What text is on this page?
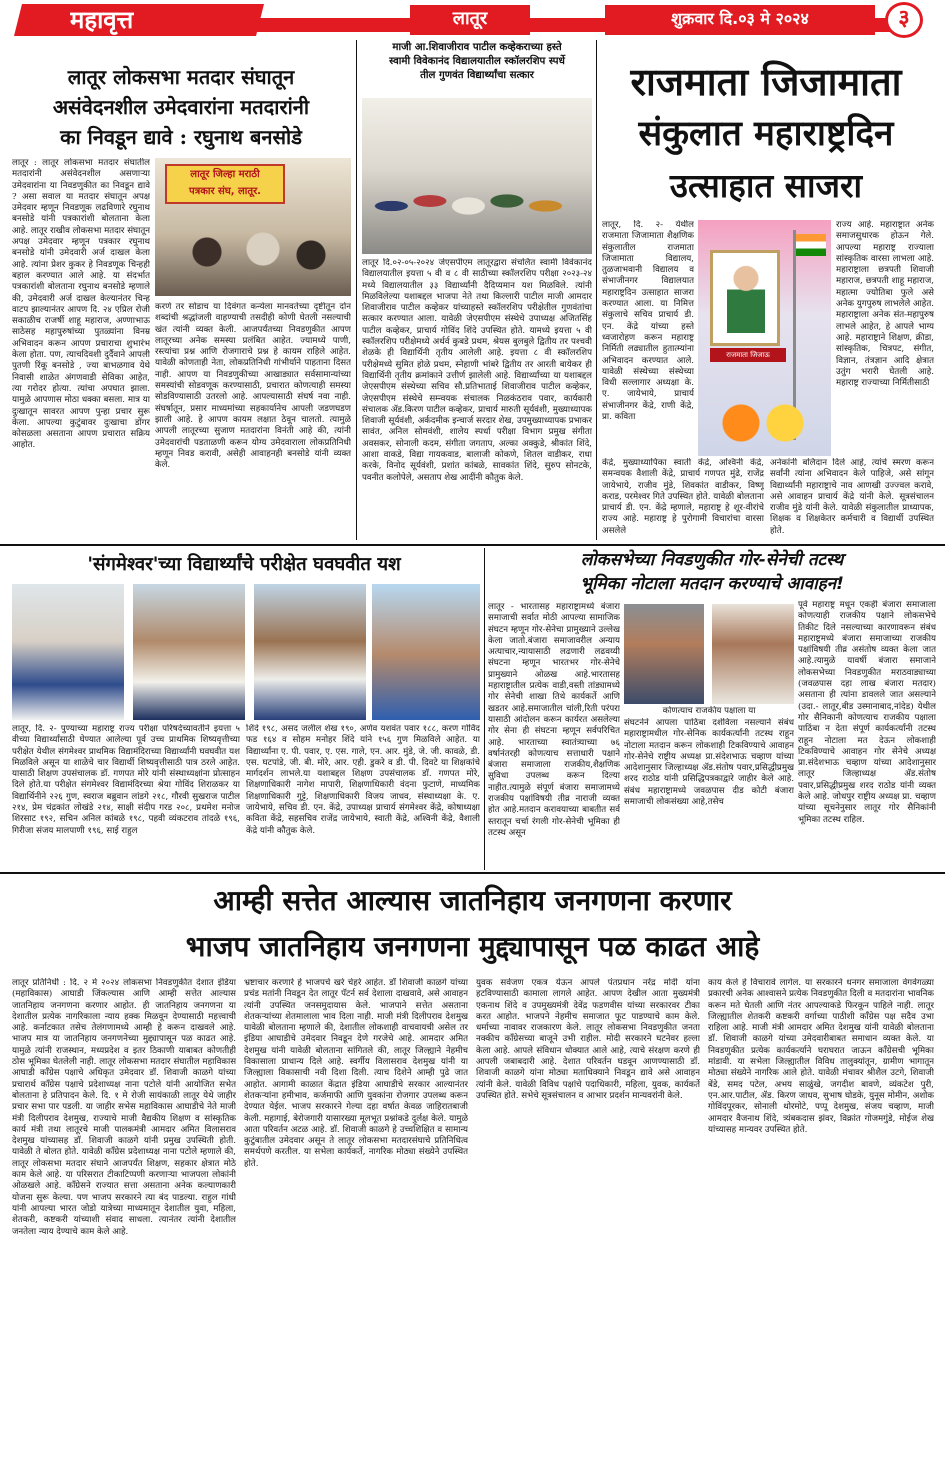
महावृत्त	लातूर	शुक्रवार दि.०३ मे २०२४	३
लातूर लोकसभा मतदार संघातून
असंवेदनशील उमेदवारांना मतदारांनी
का निवडून द्यावे : रघुनाथ बनसोडे
लातूर : लातूर लोकसभा मतदार संघातील मतदारांनी असंवेदनशील असणाऱ्या उमेदवारांना या निवडणुकीत का निवडून द्यावे ? असा सवाल या मतदार संघातून अपक्ष उमेदवार म्हणून निवडणूक लढविणारे रघुनाथ बनसोडे यांनी पत्रकारांशी बोलताना केला आहे. लातूर राखीव लोकसभा मतदार संघातून अपक्ष उमेदवार म्हणून पत्रकार रघुनाथ बनसोडे यांनी उमेदवारी अर्ज दाखल केला आहे. त्यांना प्रेशर कुकर हे निवडणूक चिन्हही बहाल करण्यात आले आहे. या संदर्भात पत्रकारांशी बोलताना रघुनाथ बनसोडे म्हणाले की, उमेदवारी अर्ज दाखल केल्यानंतर चिन्ह वाटप झाल्यानंतर आपण दि. २४ एप्रिल रोजी सकाळीच राजर्षी शाहू महाराज, अण्णाभाऊ साठेसह महापुरुषांच्या पुतळ्यांना विनम्र अभिवादन करून आपण प्रचाराचा शुभारंभ केला होता. पण, त्याचदिवशी दुर्दैवाने आपली पुतणी रिंकू बनसोडे , ज्या बाभळगाव येथे निवासी शाळेत अंगणवाडी सेविका आहेत, त्या गरोदर होत्या. त्यांचा अपघात झाला. यामुळे आपणास मोठा धक्का बसला. मात्र या दुःखातून सावरत आपण पुन्हा प्रचार सुरू केला. आपल्या कुटुंबावर दुःखाचा डोंगर कोसळला असताना आपण प्रचारात सक्रिय आहोत.
लातूर जिल्हा मराठी
पत्रकार संघ, लातूर.
करणे तर सोडाच या दिवंगत कन्येला मानवतेच्या दृष्टीतून दोन शब्दांची श्रद्धांजली वाहण्याची तसदीही कोणी घेतली नसल्याची खंत त्यांनी व्यक्त केली. आजपर्यंतच्या निवडणुकीत आपण लातूरच्या अनेक समस्या प्रलंबित आहेत. ज्यामध्ये पाणी, रस्त्यांचा प्रश्न आणि रोजगाराचे प्रश्न हे कायम राहिले आहेत. यावेळी कोणताही नेता, लोकप्रतिनिधी गांभीर्याने पाहताना दिसत नाही. आपण या निवडणुकीच्या आखाड्यात सर्वसामान्यांच्या समस्यांची सोडवणूक करण्यासाठी, प्रचारात कोणत्याही समस्या सोडविण्यासाठी उतरलो आहे. आपल्यासाठी संघर्ष नवा नाही. संघर्षातून, प्रसार माध्यमांच्या सहकार्यानेच आपली जडणघडण झाली आहे. हे आपण कायम लक्षात ठेवून चालतो. त्यामुळे आपली लातूरच्या सुजाण मतदारांना विनंती आहे की, त्यांनी उमेदवारांची पडताळणी करून योग्य उमेदवाराला लोकप्रतिनिधी म्हणून निवड करावी, असेही आवाहनही बनसोडे यांनी व्यक्त केले.
माजी आ.शिवाजीराव पाटील कव्हेकराच्या हस्ते
स्वामी विवेकानंद विद्यालयातील स्कॉलरशिप स्पर्धे
तील गुणवंत विद्यार्थ्यांचा सत्कार
लातूर दि.०२-०५-२०२४ जेएसपीएम लातूरद्वारा संचलित स्वामी विवेकानंद विद्यालयातील इयत्ता ५ वी व ८ वी साठीच्या स्कॉलरशिप परीक्षा २०२३-२४ मध्ये विद्यालयातील ३३ विद्यार्थ्यांनी दैदिप्यमान यश मिळविले. त्यांनी मिळविलेल्या यशाबद्दल भाजपा नेते तथा किल्लारी पाटील माजी आमदार शिवाजीराव पाटील कव्हेकर यांच्याहस्ते स्कॉलरशिप परीक्षेतील गुणवंतांचा सत्कार करण्यात आला. यावेळी जेएसपीएम संस्थेचे उपाध्यक्ष अजितसिंह पाटील कव्हेकर, प्राचार्य गोविंद शिंदे उपस्थित होते. यामध्ये इयत्ता ५ वी स्कॉलरशिप परीक्षेमध्ये अर्थर्व कुबडे प्रथम, श्रेयस बुलबुले द्वितीय तर पश्चवी शेळके ही विद्यार्थिनी तृतीय आलेली आहे. इयत्ता ८ वी स्कॉलरशिप परीक्षेमध्ये सुमित होळे प्रथम, स्नेहाणी भांबरे द्वितीय तर आरती बायेकर ही विद्यार्थिनी तृतीय क्रमांकाने उत्तीर्ण झालेली आहे. विद्यार्थ्यांच्या या यशाबद्दल जेएसपीएम संस्थेच्या सचिव सौ.प्रतिभाताई शिवाजीराव पाटील कव्हेकर, जेएसपीएम संस्थेचे सम्न्वयक संचालक निळकंठराव पवार, कार्यकारी संचालक ॲड.किरण पाटील कव्हेकर, प्राचार्य मारुती सूर्यवंशी, मुख्याध्यापक शिवाजी सूर्यवंशी, अर्कदमीक इन्चार्ज सरदार शेख, उपमुख्याध्यापक प्रभाकर सावंत, अनिल सोमवंशी, शालेय स्पर्धा परीक्षा विभाग प्रमुख संगीता अवसकर, सोनाली कदम, संगीता जगताप, अल्का अक्कुडे, श्रीकांत शिंदे, आशा वाकडे, विद्या गायकवाड, बालाजी कोकणे, शितल वाडीकर, राधा करके, विनोद सूर्यवंशी, प्रशांत कांबळे, सावकांत शिंदे, सुरुप सोनटके, पवनीत कलोपेले, असताप शेख आदींनी कौतुक केले.
राजमाता जिजामाता
संकुलात महाराष्ट्रदिन
उत्साहात साजरा
लातूर, दि. २- येथील राजमाता जिजामाता शैक्षणिक संकुलातील राजमाता जिजामाता विद्यालय, तुळजाभवानी विद्यालय व संभाजीनगर विद्यालयात महाराष्ट्रदिन उत्साहात साजरा करण्यात आला. या निमित्त संकुलाचे सचिव प्राचार्य डी. एन. केंद्रे यांच्या हस्ते ध्वजारोहण करून महाराष्ट्र निर्मिती लढ्यातील हुतात्म्यांना अभिवादन करण्यात आले. यावेळी संस्थेच्या संस्थेच्या विधी सल्लागार अध्यक्षा के. ए. जायेभाये, प्राचार्य संभाजीनगर केंद्रे, राणी केंद्रे, प्रा. कविता
राजमाता जिजाऊ
राज्य आहे. महाराष्ट्रात अनेक समाजसुधारक होऊन गेले. आपल्या महाराष्ट्र राज्याला सांस्कृतिक वारसा लाभला आहे. महाराष्ट्राला छत्रपती शिवाजी महाराज, छत्रपती शाहू महाराज, महात्मा ज्योतिबा फुले असे अनेक युगपुरुष लाभलेले आहेत. महाराष्ट्राला अनेक संत-महापुरुष लाभले आहेत, हे आपले भाग्य आहे. महाराष्ट्राने शिक्षण, क्रीडा, सांस्कृतिक, चित्रपट, संगीत, विज्ञान, तंत्रज्ञान आदि क्षेत्रात उतुंग भरारी घेतली आहे. महाराष्ट्र राज्याच्या निर्मितीसाठी
केंद्रे, मुख्याध्यापिका स्वाती केंद्रे, अश्विनी केंद्रे, समन्वयक वैशाली केंद्रे, प्राचार्य गणपत मुंढे, राजेंद्र जायेभाये, राजीव मुंडे, शिवकांत वाडीकर, विष्णू कराड, परमेश्वर गिते उपस्थित होते. यावेळी बोलताना प्राचार्य डी. एन. केंद्रे म्हणाले, महाराष्ट्र हे शूर-वीरांचे राज्य आहे. महाराष्ट्र हे पुरोगामी विचारांचा वारसा असलेले
अनेकांनी बलिदान दिले आहे, त्यांचे स्मरण करून सर्वांनी त्यांना अभिवादन केले पाहिजे, असे सांगून विद्यार्थ्यांनी महाराष्ट्राचे नाव आणखी उज्ज्वल करावे, असे आवाहन प्राचार्य केंद्रे यांनी केले. सूत्रसंचालन राजीव मुंडे यांनी केले. यावेळी संकुलातील प्राध्यापक, शिक्षक व शिक्षकेतर कर्मचारी व विद्यार्थी उपस्थित होते.
'संगमेश्वर'च्या विद्यार्थ्यांचे परीक्षेत घवघवीत यश
लातूर, दि. २- पुण्याच्या महाराष्ट्र राज्य परीक्षा परिषदेच्यावतीने इयत्ता ५ वीच्या विद्यार्थ्यांसाठी घेण्यात आलेल्या पूर्व उच्च प्राथमिक शिष्यवृत्तीच्या परीक्षेत येथील संगमेश्वर प्राथमिक विद्यामंदिराच्या विद्यार्थ्यांनी घवघवीत यश मिळविले असून या शाळेचे चार विद्यार्थी शिष्यवृत्तीसाठी पात्र ठरले आहेत. यासाठी शिक्षण उपसंचालक डॉ. गणपत मोरे यांनी संस्थाध्यक्षांना प्रोत्साहन दिले होते.या परीक्षेत संगमेश्वर विद्यामंदिरच्या श्रेया गोविंद शिराळकर या विद्यार्थिनीने २२६ गुण, स्वराज बब्रुवान लांडगे २१८, गौरवी सुखराज पाटील २१४, प्रेम चंद्रकांत लोखंडे २१४, साक्षी संदीप गरड २०८, प्रथमेश मनोज शिरसाट १९२, सचिन अनिल कांबळे १९८, पहवी व्यंकटराव तांदळे १९६, गिरीजा संजय मालपाणी १९६, साई राहुल
शिंदे १९८, असद जलील शेख १९०, अर्णव यशवंत पवार १८८, करण गोविंद फड १६४ व सोहम मनोहर शिंदे यांने १५६ गुण मिळविले आहेत. या विद्यार्थ्यांना ए. पी. पवार, ए. एस. गाले, एन. आर. मुंडे, जे. जी. कावळे, डी. एस. घटपांडे, जी. बी. मोरे, आर. एही. डुकरे व डी. पी. दिवटे या शिक्षकांचे मार्गदर्शन लाभले.या यशाबद्दल शिक्षण उपसंचालक डॉ. गणपत मोरे, शिक्षणाधिकारी नागेश मापारी, शिक्षणाधिकारी वंदना फुटाणे, माध्यमिक शिक्षणाधिकारी गुट्टे, शिक्षणाधिकारी विजय जाधव, संस्थाध्यक्षा के. ए. जायेभाये, सचिव डी. एन. केंद्रे, उपाध्यक्ष प्राचार्य संगमेश्वर केंद्रे, कोषाध्यक्षा कविता केंद्रे, सहसचिव राजेंद्र जायेभाये, स्वाती केंद्रे, अश्विनी केंद्रे, वैशाली केंद्रे यांनी कौतुक केले.
लोकसभेच्या निवडणुकीत गोर-सेनेची तटस्थ
भूमिका नोटाला मतदान करण्याचे आवाहन!
लातूर - भारतासह महाराष्ट्रामध्ये बंजारा समाजाची सर्वात मोठी आपल्या सामाजिक संघटन म्हणून गोर-सेनेचा प्रामुख्याने उल्लेख केला जातो.बंजारा समाजावरील अन्याय अत्याचार,न्यायासाठी लढणारी लढवय्यी संघटना म्हणून भारतभर गोर-सेनेचे प्रामुख्याने ओळख आहे.भारतासह महाराष्ट्रातील प्रत्येक वाडी,वस्ती तांड्यामध्ये गोर सेनेची शाखा तिथे कार्यकर्ते आणि खडतर आहे.समाजातील चांली,रिती परंपरा यासाठी आंदोलन करून कार्यरत असलेल्या गोर सेना ही संघटना म्हणून सर्वपरिचित आहे. भारताच्या स्वातंत्र्याच्या ७६ वर्षानंतरही कोणत्याच सत्ताधारी पक्षाने बंजारा समाजाला राजकीय,शैक्षणिक सुविधा उपलब्ध करून दिल्या नाहीत.त्यामुळे संपूर्ण बंजारा समाजामध्ये राजकीय पक्षांविषयी तीव्र नाराजी व्यक्त होत आहे.मतदान करावयाच्या बाबतीत सर्व स्तरातून चर्चा रंगली गोर-सेनेची भूमिका ही तटस्थ असून
कोणत्याच राजकीय पक्षाला या
संघटनेने आपला पाठिंबा दर्शविला नसल्याने संबंध महाराष्ट्रामधील गोर-सेनिक कार्यकर्त्यांनी तटस्थ राहून नोटाला मतदान करून लोकशाही टिकविण्याचे आवाहन गोर-सेनेचे राष्ट्रीय अध्यक्ष प्रा.संदेशभाऊ चव्हाण यांच्या आदेशानुसार जिल्हाध्यक्ष ॲड.संतोष पवार,प्रसिद्धीप्रमुख शरद राठोड यांनी प्रसिद्धिपत्रकाद्वारे जाहीर केले आहे. संबंध महाराष्ट्रामध्ये जवळपास दीड कोटी बंजारा समाजाची लोकसंख्या आहे,तसेच
पूर्व महाराष्ट्र मधून एकही बंजारा समाजाला कोणत्याही राजकीय पक्षाने लोकसभेचे तिकीट दिले नसल्याच्या कारणावरून संबंध महाराष्ट्रमध्ये बंजारा समाजाच्या राजकीय पक्षांविषयी तीव्र असंतोष व्यक्त केला जात आहे.त्यामुळे यावर्षी बंजारा समाजाने लोकसभेच्या निवडणुकीत मराठवाड्याच्या (जवळपास दहा लाख बंजारा मतदार) असताना ही त्यांना डावलले जात असल्याने (उदा.- लातूर,बीड उस्मानाबाद,नांदेड) येथील गोर सैनिकानी कोणत्याच राजकीय पक्षाला पाठिंबा न देता संपूर्ण कार्यकर्त्यांनी तटस्थ राहून नोटाला मत देऊन लोकशाही टिकविण्याचे आवाहन गोर सेनेचे अध्यक्ष प्रा.संदेशभाऊ चव्हाण यांच्या आदेशानुसार लातूर जिल्हाध्यक्ष ॲड.संतोष पवार,प्रसिद्धीप्रमुख शरद राठोड यांनी व्यक्त केले आहे. जोधपुर राष्ट्रीय अध्यक्ष प्रा. चव्हाण यांच्या सूचनेनुसार लातूर गोर सैनिकांनी भूमिका तटस्थ राहिल.
आम्ही सत्तेत आल्यास जातनिहाय जनगणना करणार
भाजप जातनिहाय जनगणना मुद्द्यापासून पळ काढत आहे
लातूर प्रतिनिधी : दि. २ मे २०२४ लोकसभा निवडणुकीत देशात इंडिया (महाविकास) आघाडी जिंकल्यास आणि आम्ही सत्तेत आल्यास जातनिहाय जनगणना करणार आहोत. ही जातनिहाय जनगणना या देशातील प्रत्येक नागरिकाला न्याय हक्क मिळवून देण्यासाठी महत्त्वाची आहे. कर्नाटकात तसेच तेलंगणामध्ये आम्ही हे करून दाखवले आहे. भाजप मात्र या जातनिहाय जनगणनेच्या मुद्द्यापासून पळ काढत आहे. यामुळे त्यांनी राजस्थान, मध्यप्रदेश व इतर ठिकाणी याबाबत कोणतीही ठोस भूमिका घेतलेली नाही. लातूर लोकसभा मतदार संघातील महाविकास आघाडी काँग्रेस पक्षाचे अधिकृत उमेदवार डॉ. शिवाजी काळगे यांच्या प्रचारार्थ काँग्रेस पक्षाचे प्रदेशाध्यक्ष नाना पटोले यांनी आयोजित सभेत बोलताना हे प्रतिपादन केले. दि. १ मे रोजी सायंकाळी लातूर येथे जाहीर प्रचार सभा पार पडली. या जाहीर सभेस महाविकास आघाडीचे नेते माजी मंत्री दिलीपराव देशमुख, राज्याचे माजी वैद्यकीय शिक्षण व सांस्कृतिक कार्य मंत्री तथा लातूरचे माजी पालकमंत्री आमदार अमित विलासराव देशमुख यांच्यासह डॉ. शिवाजी काळगे यांनी प्रमुख उपस्थिती होती. यावेळी ते बोलत होते. यावेळी काँग्रेस प्रदेशाध्यक्ष नाना पटोले म्हणाले की, लातूर लोकसभा मतदार संघाने आजपर्यंत शिक्षण, सहकार क्षेत्रात मोठे काम केले आहे. या परिसरात टीकाटिप्पणी करणाऱ्या भाजपला लोकांनी ओळखले आहे. काँग्रेसने राज्यात सत्ता असताना अनेक कल्याणकारी योजना सुरू केल्या. पण भाजप सरकारने त्या बंद पाडल्या. राहुल गांधी यांनी आपल्या भारत जोडो यात्रेच्या माध्यमातून देशातील युवा, महिला, शेतकरी, कष्टकरी यांच्याशी संवाद साधला. त्यानंतर त्यांनी देशातील जनतेला न्याय देण्याचे काम केले आहे.
भ्रष्टाचार करणारे हे भाजपचे खरे चेहरे आहेत. डॉ शिवाजी काळगे यांच्या प्रचंड मतांनी निवडून देत लातूर पॅटर्न सर्व देशाला दाखवावे, असे आवाहन त्यांनी उपस्थित जनसमुदायास केले. भाजपाने सत्तेत असताना शेतकऱ्यांच्या शेतमालाला भाव दिला नाही. माजी मंत्री दिलीपराव देशमुख यावेळी बोलताना म्हणाले की, देशातील लोकशाही वाचवायची असेल तर इंडिया आघाडीचे उमेदवार निवडून देणे गरजेचे आहे. आमदार अमित देशमुख यांनी यावेळी बोलताना सांगितले की, लातूर जिल्ह्याने नेहमीच विकासाला प्राधान्य दिले आहे. स्वर्गीय विलासराव देशमुख यांनी या जिल्ह्याला विकासाची नवी दिशा दिली. त्याच दिशेने आम्ही पुढे जात आहोत. आगामी काळात केंद्रात इंडिया आघाडीचे सरकार आल्यानंतर शेतकऱ्यांना हमीभाव, कर्जमाफी आणि युवकांना रोजगार उपलब्ध करून देण्यात येईल. भाजप सरकारने गेल्या दहा वर्षात केवळ जाहिरातबाजी केली. महागाई, बेरोजगारी यासारख्या मूलभूत प्रश्नांकडे दुर्लक्ष केले. यामुळे आता परिवर्तन अटळ आहे. डॉ. शिवाजी काळगे हे उच्चशिक्षित व सामान्य कुटुंबातील उमेदवार असून ते लातूर लोकसभा मतदारसंघाचे प्रतिनिधित्व समर्थपणे करतील. या सभेला कार्यकर्ते, नागरिक मोठ्या संख्येने उपस्थित होते.
युवक सर्वजण एकत्र येऊन आपले पंतप्रधान नरेंद्र मोदी यांना हटविण्यासाठी कामाला लागले आहेत. आपण देखील आता मुख्यमंत्री एकनाथ शिंदे व उपमुख्यमंत्री देवेंद्र फडणवीस यांच्या सरकारवर टीका करत आहोत. भाजपने नेहमीच समाजात फूट पाडण्याचे काम केले. धर्माच्या नावावर राजकारण केले. लातूर लोकसभा निवडणुकीत जनता नक्कीच काँग्रेसच्या बाजूने उभी राहील. मोदी सरकारने घटनेवर हल्ला केला आहे. आपले संविधान धोक्यात आले आहे, त्याचे संरक्षण करणे ही आपली जबाबदारी आहे. देशात परिवर्तन घडवून आणण्यासाठी डॉ. शिवाजी काळगे यांना मोठ्या मताधिक्याने निवडून द्यावे असे आवाहन त्यांनी केले. यावेळी विविध पक्षांचे पदाधिकारी, महिला, युवक, कार्यकर्ते उपस्थित होते. सभेचे सूत्रसंचालन व आभार प्रदर्शन मान्यवरांनी केले.
काय केले हे विचारावे लागेल. या सरकारने धनगर समाजाला वेगवेगळ्या प्रकारची अनेक आश्वासने प्रत्येक निवडणुकीत दिली व मतदारांना भावनिक करून मते घेतली आणि नंतर आपल्याकडे फिरकून पाहिले नाही. लातूर जिल्ह्यातील शेतकरी कष्टकरी वर्गाच्या पाठीशी काँग्रेस पक्ष सदैव उभा राहिला आहे. माजी मंत्री आमदार अमित देशमुख यांनी यावेळी बोलताना डॉ. शिवाजी काळगे यांच्या उमेदवारीबाबत समाधान व्यक्त केले. या निवडणुकीत प्रत्येक कार्यकर्त्याने घराघरात जाऊन काँग्रेसची भूमिका मांडावी. या सभेला जिल्ह्यातील विविध तालुक्यांतून, ग्रामीण भागातून मोठ्या संख्येने नागरिक आले होते. यावेळी मंचावर श्रीशैल उटगे, शिवाजी बेंडे, समद पटेल, अभय साळुंखे, जगदीश बावणे, व्यंकटेश पुरी, एन.आर.पाटील, ॲड. किरण जाधव, सुभाष घोडके, युनूस मोमीन, अशोक गोविंदपूरकर, सोनाली थोरमोटे, पप्पू देशमुख, संजय चव्हाण, माजी आमदार वैजनाथ शिंदे, त्र्यंबकदास झंवर, विक्रांत गोजमगुंडे, मोईज शेख यांच्यासह मान्यवर उपस्थित होते.
